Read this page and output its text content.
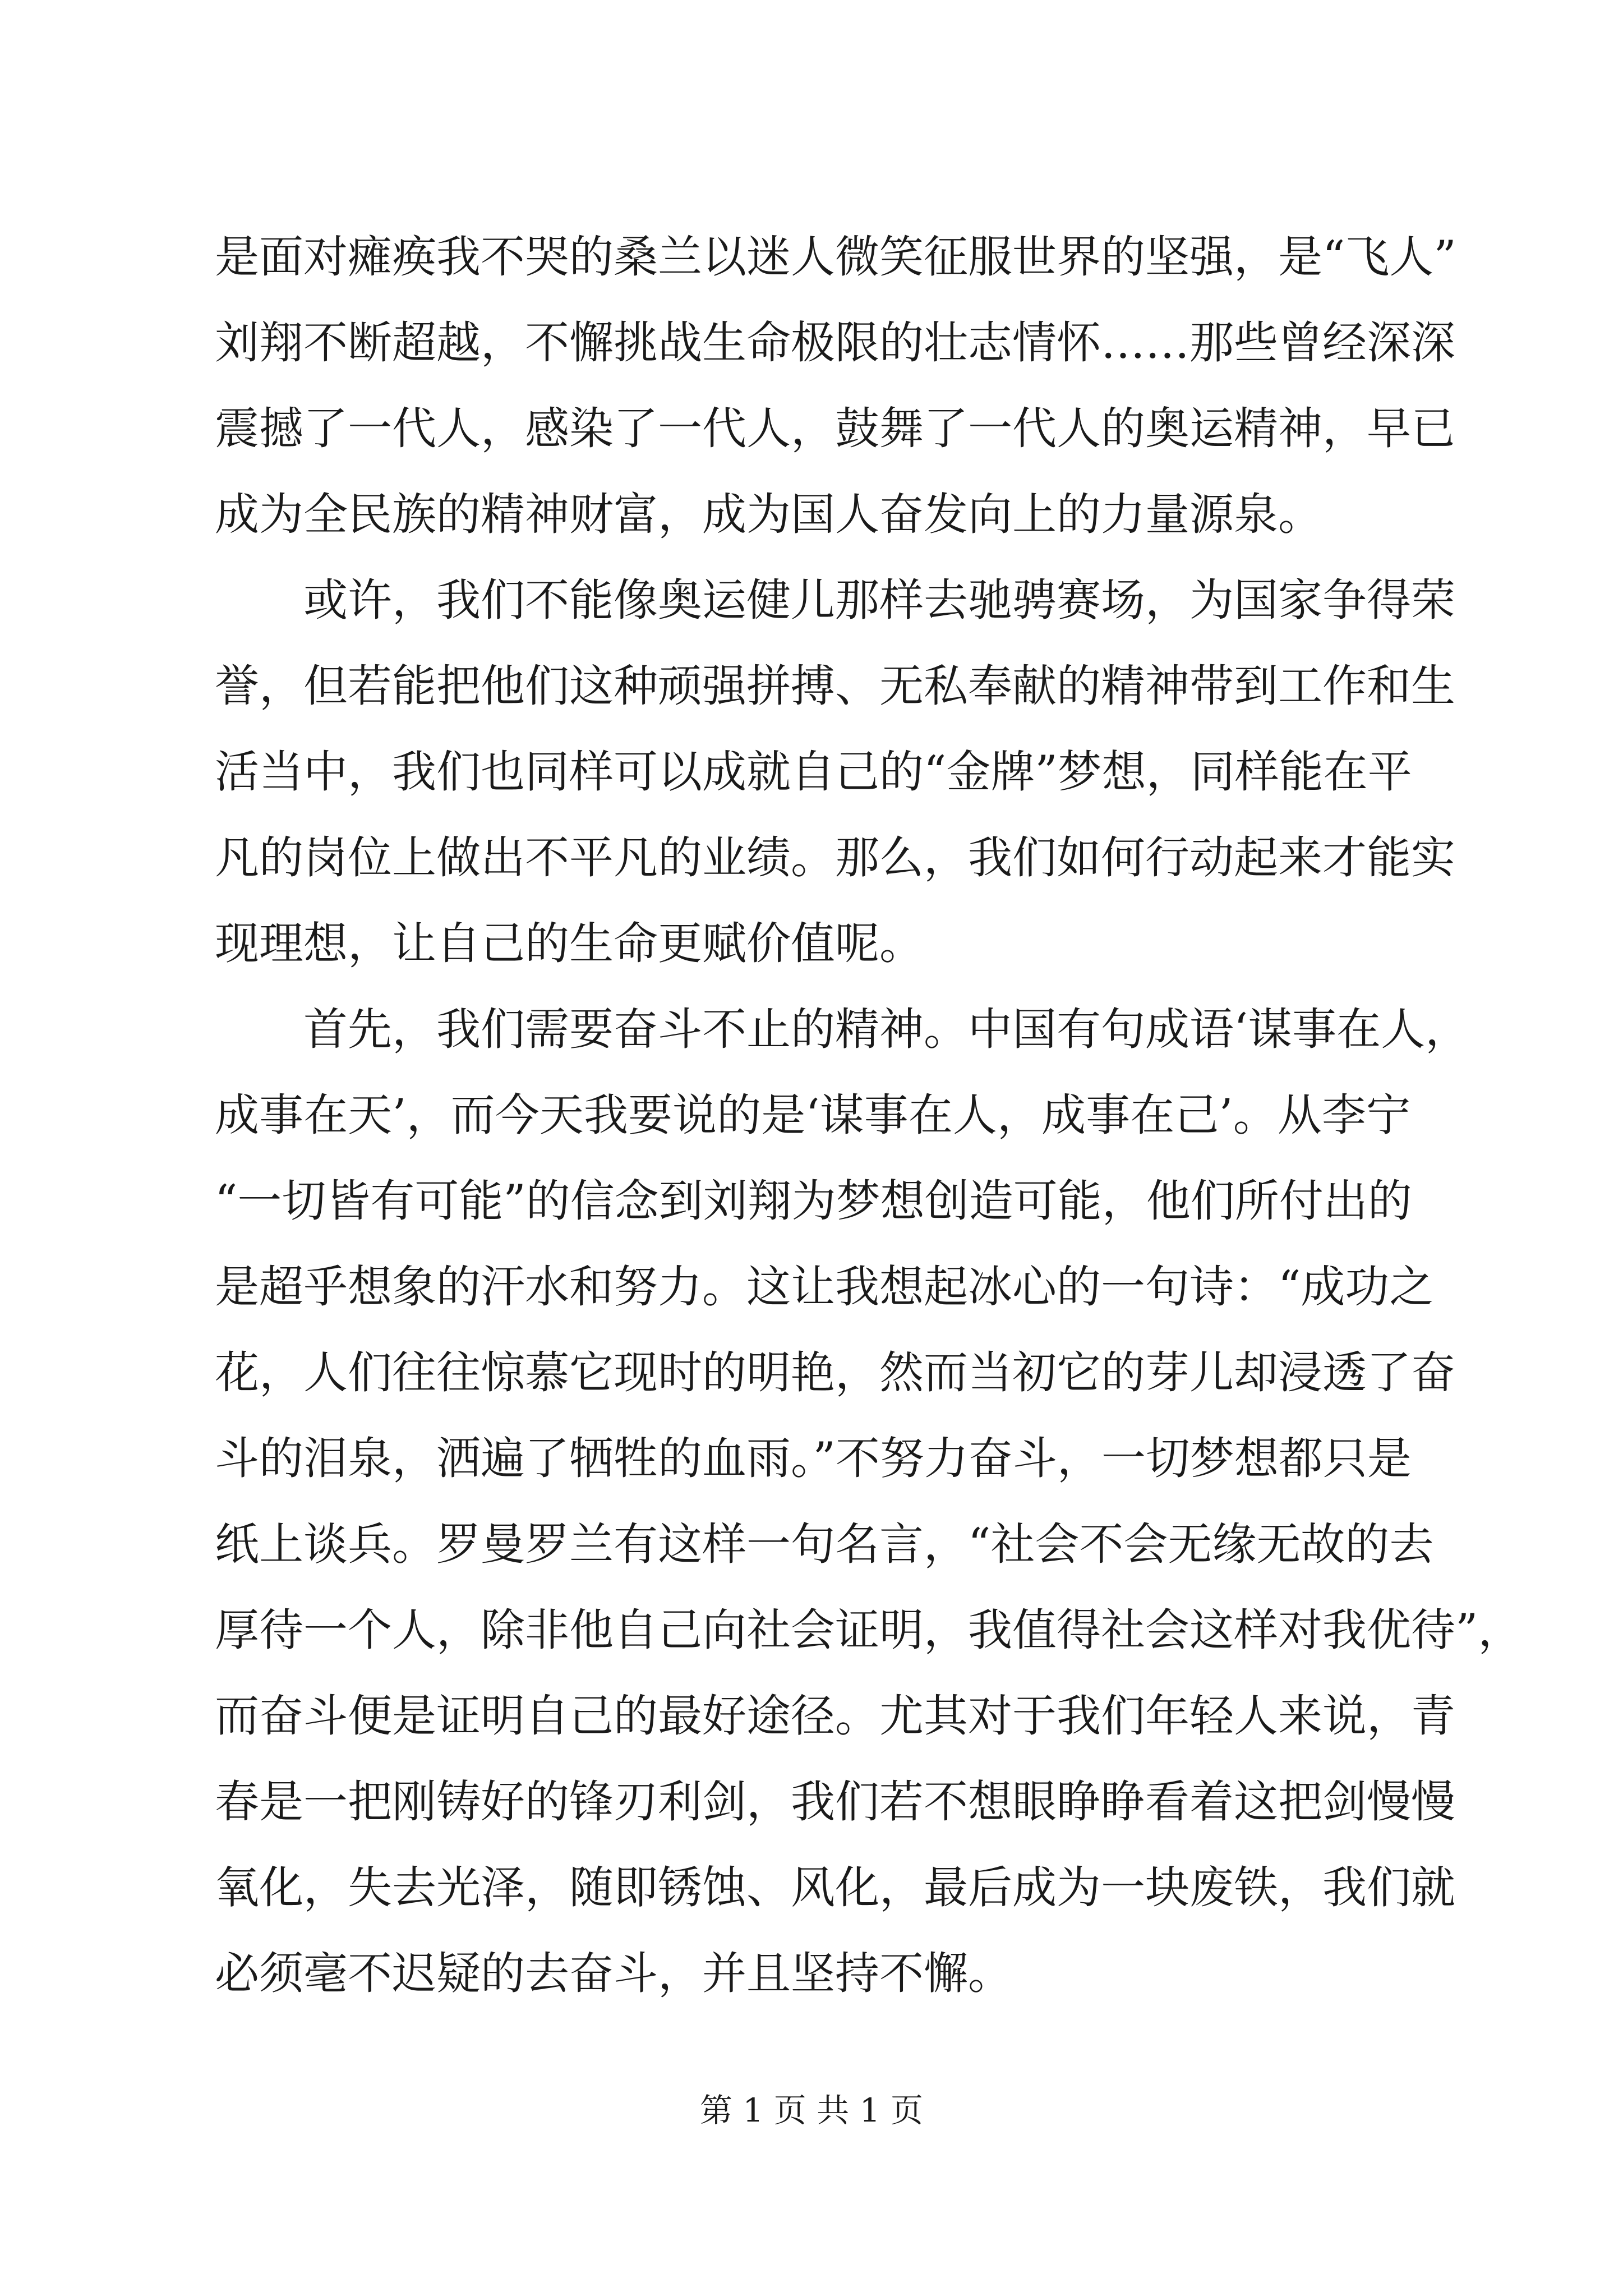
是面对瘫痪我不哭的桑兰以迷人微笑征服世界的坚强，是“飞人”
刘翔不断超越，不懈挑战生命极限的壮志情怀……那些曾经深深
震撼了一代人，感染了一代人，鼓舞了一代人的奥运精神，早已
成为全民族的精神财富，成为国人奋发向上的力量源泉。
或许，我们不能像奥运健儿那样去驰骋赛场，为国家争得荣
誉，但若能把他们这种顽强拼搏、无私奉献的精神带到工作和生
活当中，我们也同样可以成就自己的“金牌”梦想，同样能在平
凡的岗位上做出不平凡的业绩。那么，我们如何行动起来才能实
现理想，让自己的生命更赋价值呢。
首先，我们需要奋斗不止的精神。中国有句成语‘谋事在人，
成事在天’，而今天我要说的是‘谋事在人，成事在己’。从李宁
“一切皆有可能”的信念到刘翔为梦想创造可能，他们所付出的
是超乎想象的汗水和努力。这让我想起冰心的一句诗：“成功之
花，人们往往惊慕它现时的明艳，然而当初它的芽儿却浸透了奋
斗的泪泉，洒遍了牺牲的血雨。”不努力奋斗，一切梦想都只是
纸上谈兵。罗曼罗兰有这样一句名言，“社会不会无缘无故的去
厚待一个人，除非他自己向社会证明，我值得社会这样对我优待”，
而奋斗便是证明自己的最好途径。尤其对于我们年轻人来说，青
春是一把刚铸好的锋刃利剑，我们若不想眼睁睁看着这把剑慢慢
氧化，失去光泽，随即锈蚀、风化，最后成为一块废铁，我们就
必须毫不迟疑的去奋斗，并且坚持不懈。
第 1 页 共 1 页
